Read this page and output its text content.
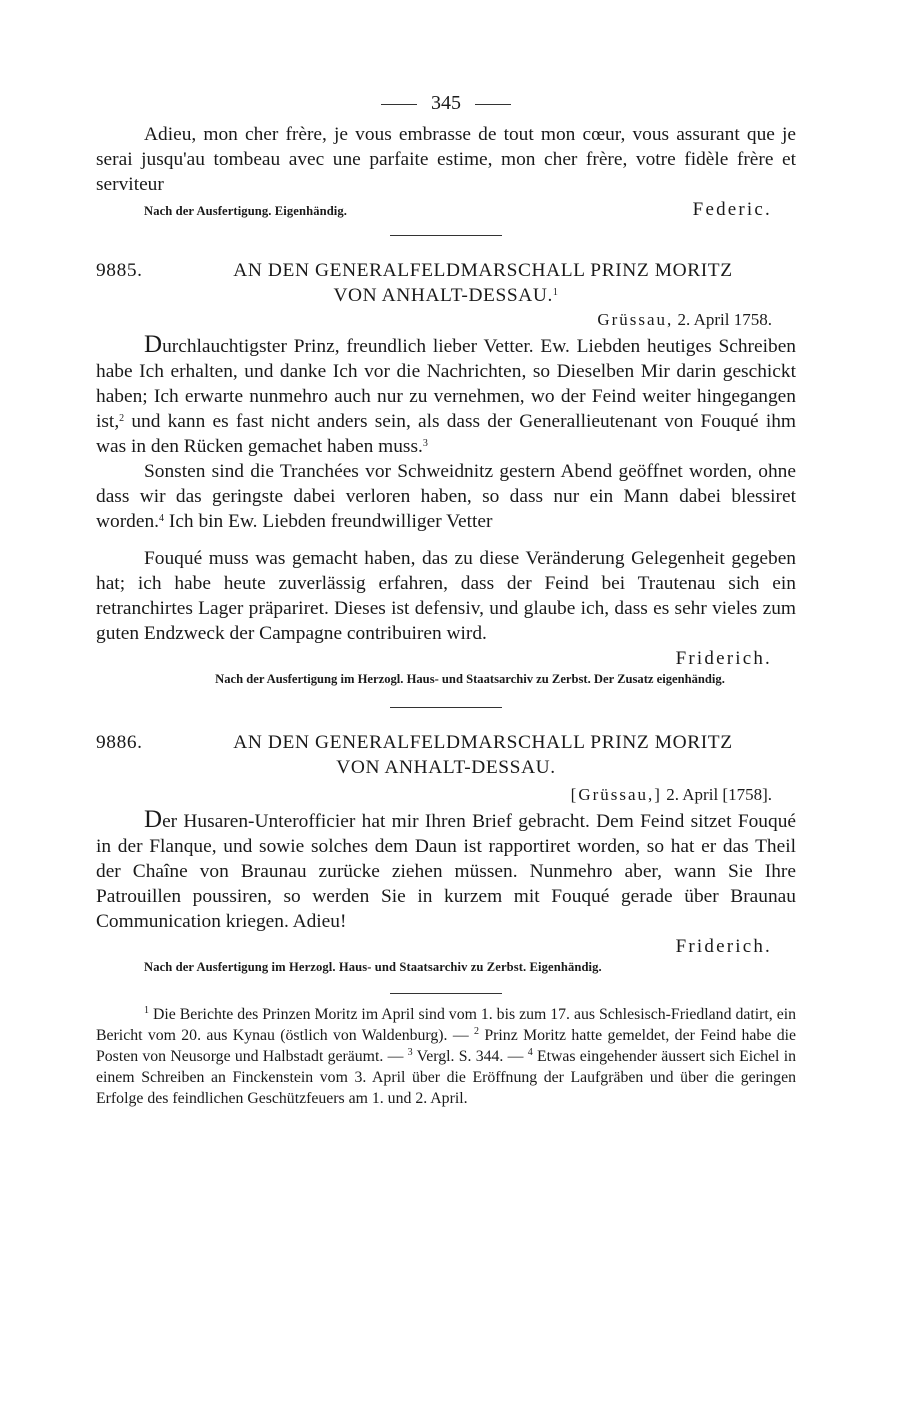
345

Adieu, mon cher frère, je vous embrasse de tout mon cœur, vous assurant que je serai jusqu'au tombeau avec une parfaite estime, mon cher frère, votre fidèle frère et serviteur

Nach der Ausfertigung. Eigenhändig.	Federic.
9885.	AN DEN GENERALFELDMARSCHALL PRINZ MORITZ
VON ANHALT-DESSAU.$^1$
Grüssau, 2. April 1758.

Durchlauchtigster Prinz, freundlich lieber Vetter. Ew. Liebden heutiges Schreiben habe Ich erhalten, und danke Ich vor die Nachrichten, so Dieselben Mir darin geschickt haben; Ich erwarte nunmehro auch nur zu vernehmen, wo der Feind weiter hingegangen ist,$^2$ und kann es fast nicht anders sein, als dass der Generallieutenant von Fouqué ihm was in den Rücken gemachet haben muss.$^3$

Sonsten sind die Tranchées vor Schweidnitz gestern Abend geöffnet worden, ohne dass wir das geringste dabei verloren haben, so dass nur ein Mann dabei blessiret worden.$^4$ Ich bin Ew. Liebden freundwilliger Vetter

Fouqué muss was gemacht haben, das zu diese Veränderung Gelegenheit gegeben hat; ich habe heute zuverlässig erfahren, dass der Feind bei Trautenau sich ein retranchirtes Lager präpariret. Dieses ist defensiv, und glaube ich, dass es sehr vieles zum guten Endzweck der Campagne contribuiren wird.

Friderich.
Nach der Ausfertigung im Herzogl. Haus- und Staatsarchiv zu Zerbst. Der Zusatz eigenhändig.
9886.	AN DEN GENERALFELDMARSCHALL PRINZ MORITZ
VON ANHALT-DESSAU.
[Grüssau,] 2. April [1758].

Der Husaren-Unterofficier hat mir Ihren Brief gebracht. Dem Feind sitzet Fouqué in der Flanque, und sowie solches dem Daun ist rapportiret worden, so hat er das Theil der Chaîne von Braunau zurücke ziehen müssen. Nunmehro aber, wann Sie Ihre Patrouillen poussiren, so werden Sie in kurzem mit Fouqué gerade über Braunau Communication kriegen. Adieu!

Friderich.
Nach der Ausfertigung im Herzogl. Haus- und Staatsarchiv zu Zerbst. Eigenhändig.

$^1$ Die Berichte des Prinzen Moritz im April sind vom 1. bis zum 17. aus Schlesisch-Friedland datirt, ein Bericht vom 20. aus Kynau (östlich von Waldenburg). — $^2$ Prinz Moritz hatte gemeldet, der Feind habe die Posten von Neusorge und Halbstadt geräumt. — $^3$ Vergl. S. 344. — $^4$ Etwas eingehender äussert sich Eichel in einem Schreiben an Finckenstein vom 3. April über die Eröffnung der Laufgräben und über die geringen Erfolge des feindlichen Geschützfeuers am 1. und 2. April.
